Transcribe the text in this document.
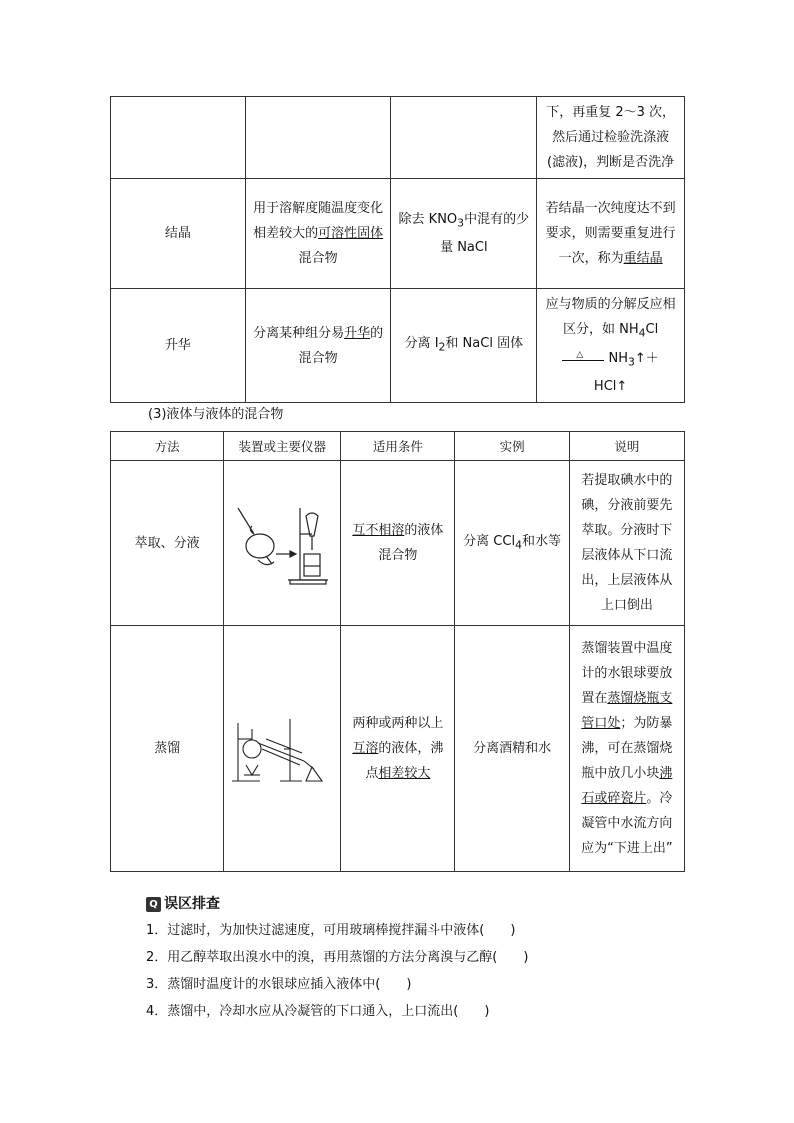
			下，再重复 2～3 次，
然后通过检验洗涤液
(滤液)，判断是否洗净

结晶	用于溶解度随温度变化相差较大的可溶性固体混合物	除去 $KNO_3$中混有的少量 NaCl	若结晶一次纯度达不到要求，则需要重复进行一次，称为重结晶
升华	分离某种组分易升华的混合物	分离 $I_2$和 NaCl 固体	应与物质的分解反应相区分，如 $NH_4Cl$
△ $NH_3↑+$
HCl↑
(3)液体与液体的混合物
方法	装置或主要仪器	适用条件	实例	说明
萃取、分液		互不相溶的液体混合物	分离 CCl$_4$和水等	若提取碘水中的碘，分液前要先萃取。分液时下层液体从下口流出，上层液体从上口倒出
蒸馏		两种或两种以上互溶的液体，沸点相差较大	分离酒精和水	蒸馏装置中温度计的水银球要放置在蒸馏烧瓶支管口处；为防暴沸，可在蒸馏烧瓶中放几小块沸石或碎瓷片。冷凝管中水流方向应为“下进上出”
Q 误区排查
1．过滤时，为加快过滤速度，可用玻璃棒搅拌漏斗中液体(　　)
2．用乙醇萃取出溴水中的溴，再用蒸馏的方法分离溴与乙醇(　　)
3．蒸馏时温度计的水银球应插入液体中(　　)
4．蒸馏中，冷却水应从冷凝管的下口通入，上口流出(　　)
